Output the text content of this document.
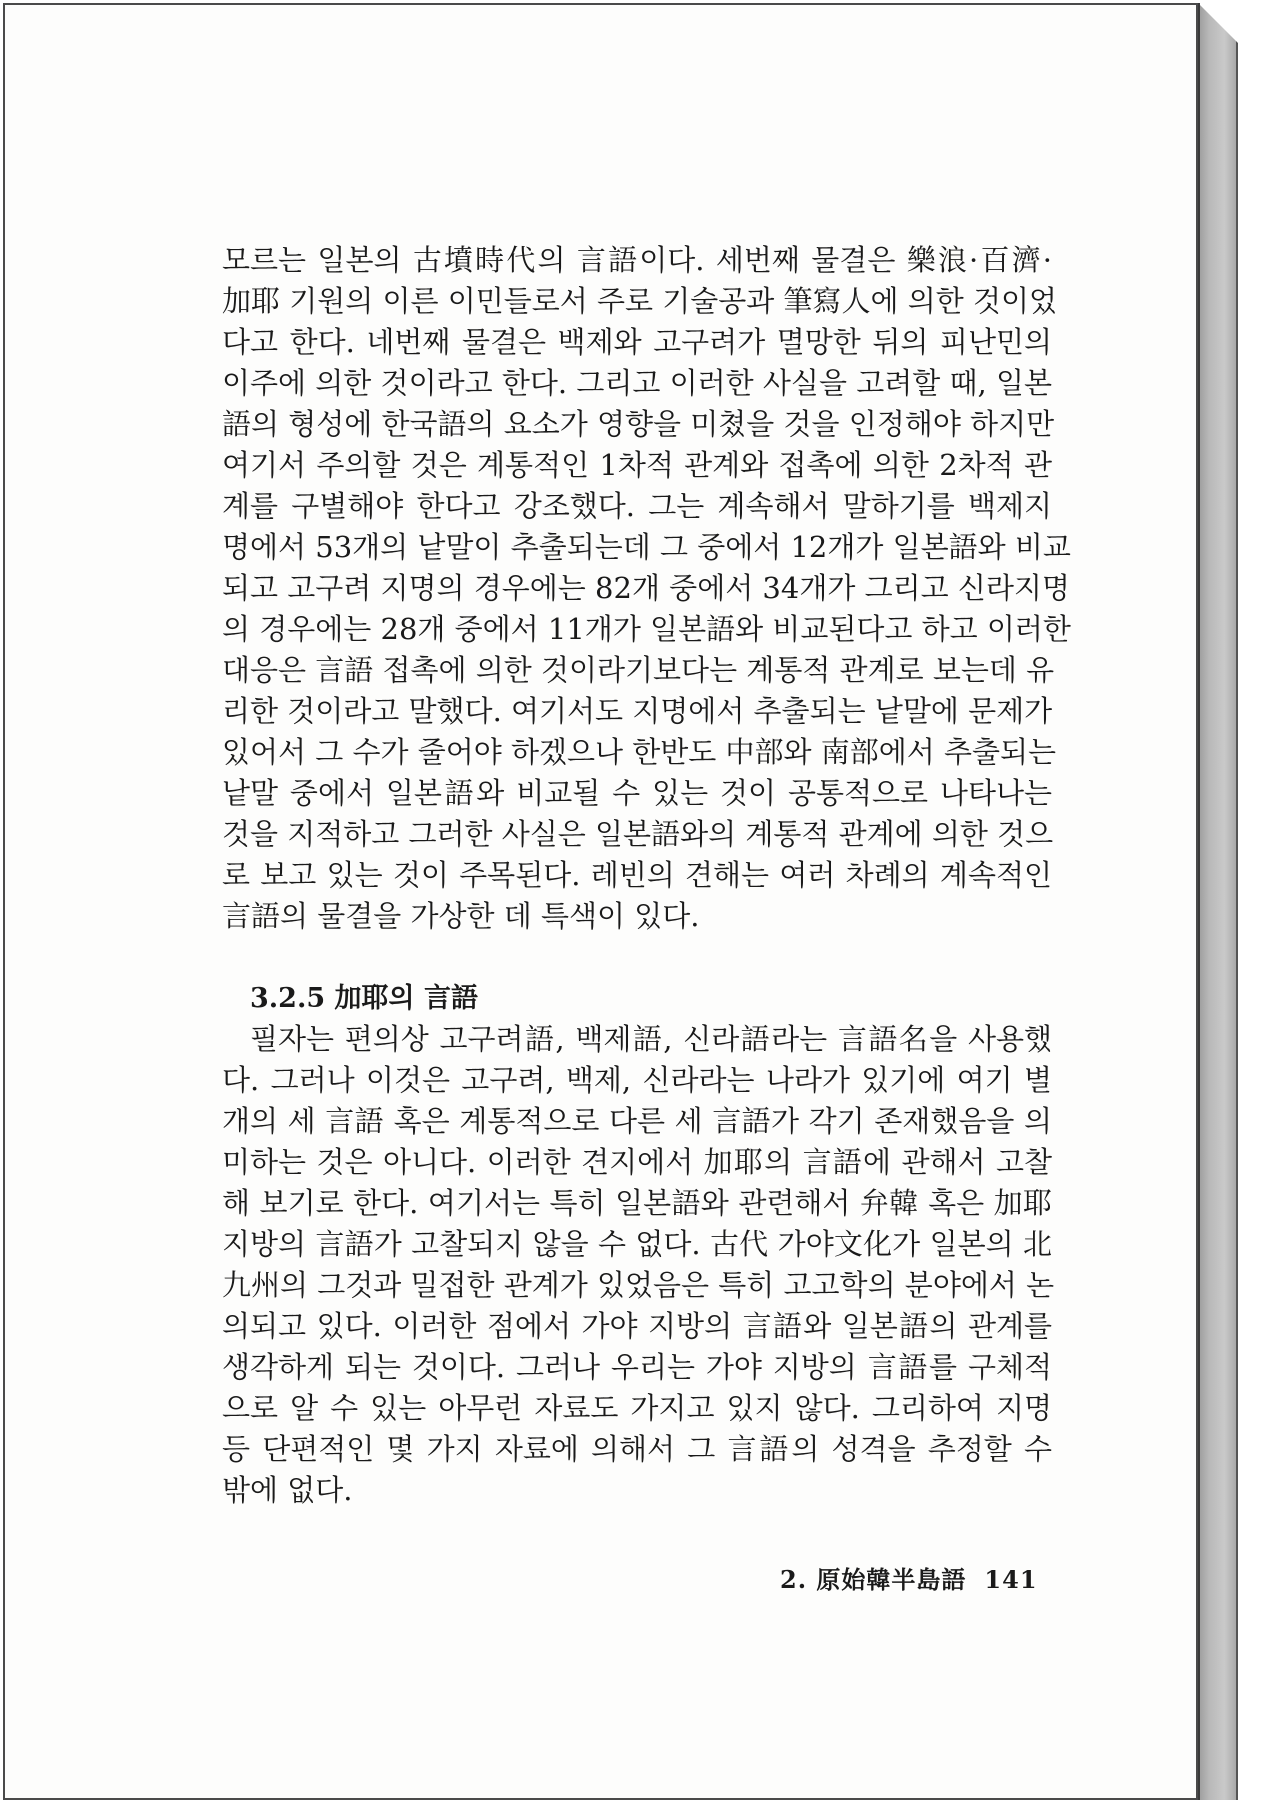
모르는 일본의 古墳時代의 言語이다. 세번째 물결은 樂浪·百濟·
加耶 기원의 이른 이민들로서 주로 기술공과 筆寫人에 의한 것이었
다고 한다. 네번째 물결은 백제와 고구려가 멸망한 뒤의 피난민의
이주에 의한 것이라고 한다. 그리고 이러한 사실을 고려할 때, 일본
語의 형성에 한국語의 요소가 영향을 미쳤을 것을 인정해야 하지만
여기서 주의할 것은 계통적인 1차적 관계와 접촉에 의한 2차적 관
계를 구별해야 한다고 강조했다. 그는 계속해서 말하기를 백제지
명에서 53개의 낱말이 추출되는데 그 중에서 12개가 일본語와 비교
되고 고구려 지명의 경우에는 82개 중에서 34개가 그리고 신라지명
의 경우에는 28개 중에서 11개가 일본語와 비교된다고 하고 이러한
대응은 言語 접촉에 의한 것이라기보다는 계통적 관계로 보는데 유
리한 것이라고 말했다. 여기서도 지명에서 추출되는 낱말에 문제가
있어서 그 수가 줄어야 하겠으나 한반도 中部와 南部에서 추출되는
낱말 중에서 일본語와 비교될 수 있는 것이 공통적으로 나타나는
것을 지적하고 그러한 사실은 일본語와의 계통적 관계에 의한 것으
로 보고 있는 것이 주목된다. 레빈의 견해는 여러 차례의 계속적인
言語의 물결을 가상한 데 특색이 있다.
3.2.5 加耶의 言語
필자는 편의상 고구려語, 백제語, 신라語라는 言語名을 사용했
다. 그러나 이것은 고구려, 백제, 신라라는 나라가 있기에 여기 별
개의 세 言語 혹은 계통적으로 다른 세 言語가 각기 존재했음을 의
미하는 것은 아니다. 이러한 견지에서 加耶의 言語에 관해서 고찰
해 보기로 한다. 여기서는 특히 일본語와 관련해서 弁韓 혹은 加耶
지방의 言語가 고찰되지 않을 수 없다. 古代 가야文化가 일본의 北
九州의 그것과 밀접한 관계가 있었음은 특히 고고학의 분야에서 논
의되고 있다. 이러한 점에서 가야 지방의 言語와 일본語의 관계를
생각하게 되는 것이다. 그러나 우리는 가야 지방의 言語를 구체적
으로 알 수 있는 아무런 자료도 가지고 있지 않다. 그리하여 지명
등 단편적인 몇 가지 자료에 의해서 그 言語의 성격을 추정할 수
밖에 없다.
2. 原始韓半島語 141
